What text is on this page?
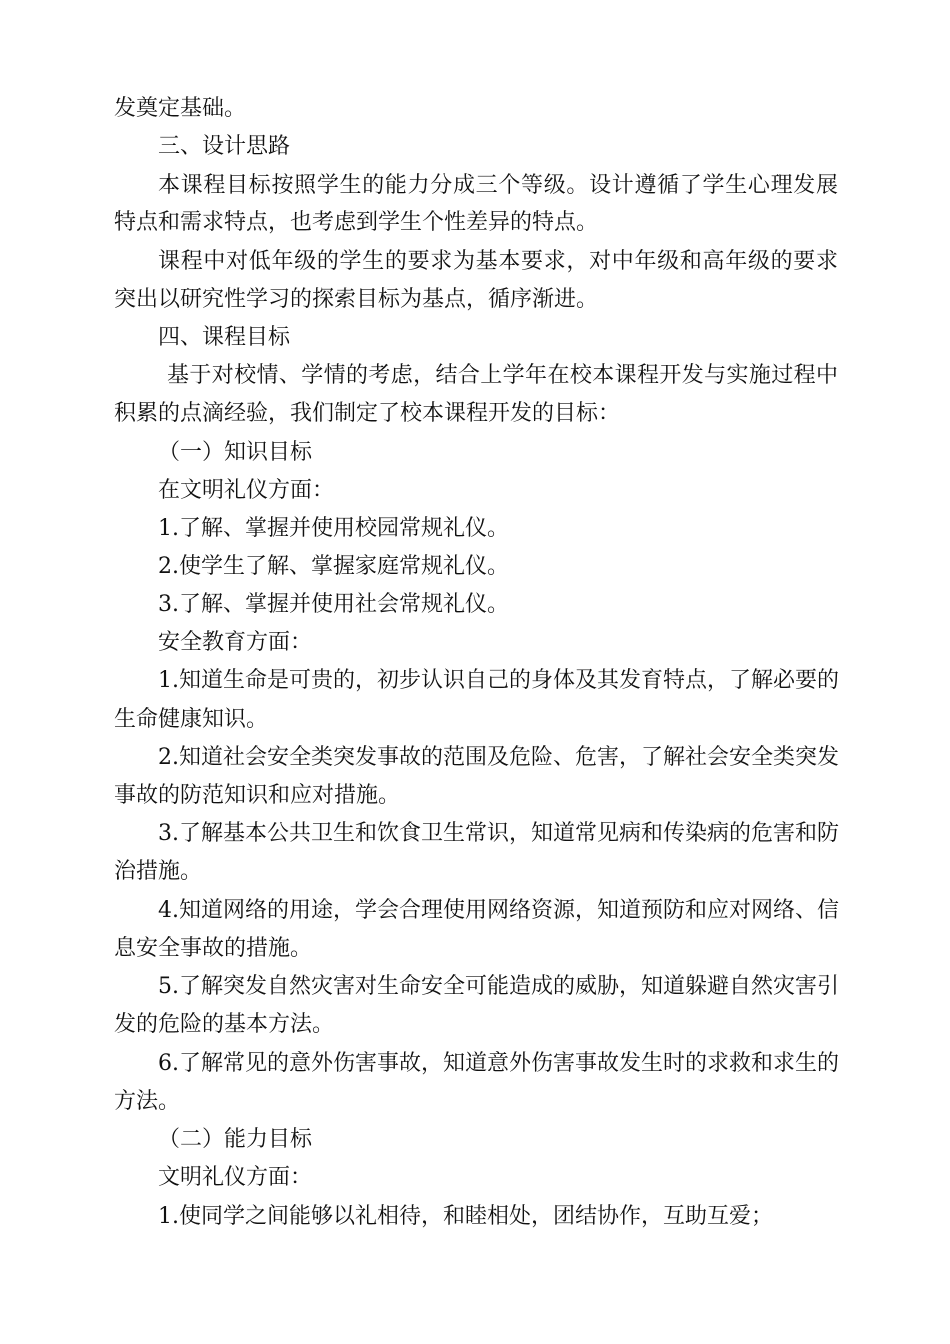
发奠定基础。

三、设计思路

本课程目标按照学生的能力分成三个等级。设计遵循了学生心理发展

特点和需求特点，也考虑到学生个性差异的特点。

课程中对低年级的学生的要求为基本要求，对中年级和高年级的要求

突出以研究性学习的探索目标为基点，循序渐进。

四、课程目标

基于对校情、学情的考虑，结合上学年在校本课程开发与实施过程中

积累的点滴经验，我们制定了校本课程开发的目标：

（一）知识目标

在文明礼仪方面：

1.了解、掌握并使用校园常规礼仪。

2.使学生了解、掌握家庭常规礼仪。

3.了解、掌握并使用社会常规礼仪。

安全教育方面：

1.知道生命是可贵的，初步认识自己的身体及其发育特点，了解必要的

生命健康知识。

2.知道社会安全类突发事故的范围及危险、危害，了解社会安全类突发

事故的防范知识和应对措施。

3.了解基本公共卫生和饮食卫生常识，知道常见病和传染病的危害和防

治措施。

4.知道网络的用途，学会合理使用网络资源，知道预防和应对网络、信

息安全事故的措施。

5.了解突发自然灾害对生命安全可能造成的威胁，知道躲避自然灾害引

发的危险的基本方法。

6.了解常见的意外伤害事故，知道意外伤害事故发生时的求救和求生的

方法。

（二）能力目标

文明礼仪方面：

1.使同学之间能够以礼相待，和睦相处，团结协作，互助互爱；
